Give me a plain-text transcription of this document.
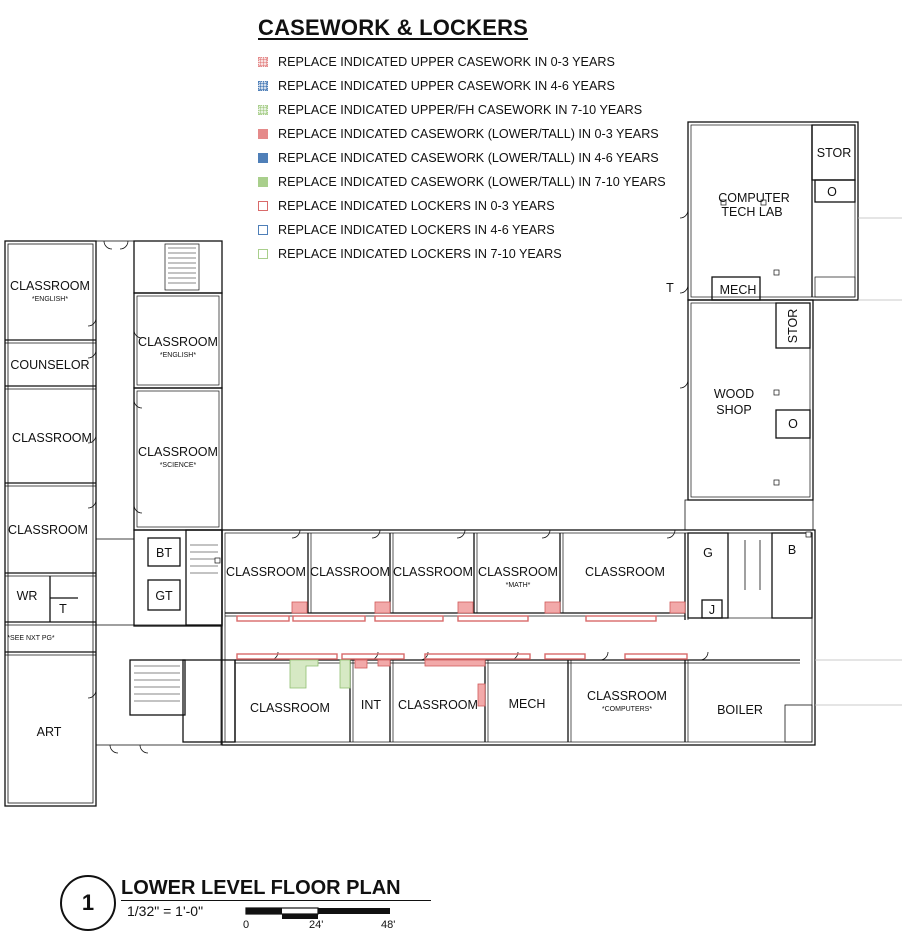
CASEWORK & LOCKERS
REPLACE INDICATED UPPER CASEWORK IN 0-3 YEARS
REPLACE INDICATED UPPER CASEWORK IN 4-6 YEARS
REPLACE INDICATED UPPER/FH CASEWORK IN 7-10 YEARS
REPLACE INDICATED CASEWORK (LOWER/TALL) IN 0-3 YEARS
REPLACE INDICATED CASEWORK (LOWER/TALL) IN 4-6 YEARS
REPLACE INDICATED CASEWORK (LOWER/TALL) IN 7-10 YEARS
REPLACE INDICATED LOCKERS IN 0-3 YEARS
REPLACE INDICATED LOCKERS IN 4-6 YEARS
REPLACE INDICATED LOCKERS IN 7-10 YEARS
CLASSROOM
*ENGLISH*
COUNSELOR
CLASSROOM
CLASSROOM
WR
T
*SEE NXT PG*
ART
CLASSROOM
*ENGLISH*
CLASSROOM
*SCIENCE*
BT
GT
CLASSROOM CLASSROOM CLASSROOM CLASSROOM
*MATH*
CLASSROOM
G
J
B
CLASSROOM INT CLASSROOM MECH
CLASSROOM
*COMPUTERS*	BOILER
COMPUTER
TECH LAB
STOR
O
MECH
T
STOR
WOOD
SHOP
O
1
LOWER LEVEL FLOOR PLAN
1/32" = 1'-0"
0	24'	48'
